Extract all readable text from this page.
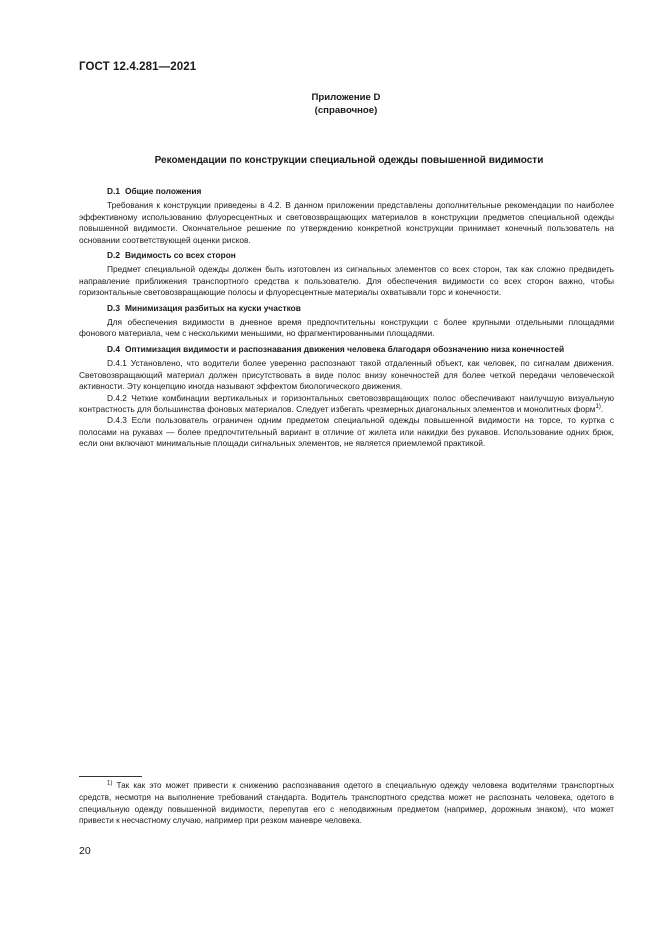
ГОСТ 12.4.281—2021
Приложение D
(справочное)
Рекомендации по конструкции специальной одежды повышенной видимости

D.1 Общие положения

Требования к конструкции приведены в 4.2. В данном приложении представлены дополнительные рекомендации по наиболее эффективному использованию флуоресцентных и световозвращающих материалов в конструкции предметов специальной одежды повышенной видимости. Окончательное решение по утверждению конкретной конструкции принимает конечный пользователь на основании соответствующей оценки рисков.

D.2 Видимость со всех сторон

Предмет специальной одежды должен быть изготовлен из сигнальных элементов со всех сторон, так как сложно предвидеть направление приближения транспортного средства к пользователю. Для обеспечения видимости со всех сторон важно, чтобы горизонтальные световозвращающие полосы и флуоресцентные материалы охватывали торс и конечности.

D.3 Минимизация разбитых на куски участков

Для обеспечения видимости в дневное время предпочтительны конструкции с более крупными отдельными площадями фонового материала, чем с несколькими меньшими, но фрагментированными площадями.

D.4 Оптимизация видимости и распознавания движения человека благодаря обозначению низа конечностей

D.4.1 Установлено, что водители более уверенно распознают такой отдаленный объект, как человек, по сигналам движения. Световозвращающий материал должен присутствовать в виде полос внизу конечностей для более четкой передачи человеческой активности. Эту концепцию иногда называют эффектом биологического движения.

D.4.2 Четкие комбинации вертикальных и горизонтальных световозвращающих полос обеспечивают наилучшую визуальную контрастность для большинства фоновых материалов. Следует избегать чрезмерных диагональных элементов и монолитных форм$^{1)}$.

D.4.3 Если пользователь ограничен одним предметом специальной одежды повышенной видимости на торсе, то куртка с полосами на рукавах — более предпочтительный вариант в отличие от жилета или накидки без рукавов. Использование одних брюк, если они включают минимальные площади сигнальных элементов, не является приемлемой практикой.

$^{1)}$ Так как это может привести к снижению распознавания одетого в специальную одежду человека водителями транспортных средств, несмотря на выполнение требований стандарта. Водитель транспортного средства может не распознать человека, одетого в специальную одежду повышенной видимости, перепутав его с неподвижным предметом (например, дорожным знаком), что может привести к несчастному случаю, например при резком маневре человека.
20
